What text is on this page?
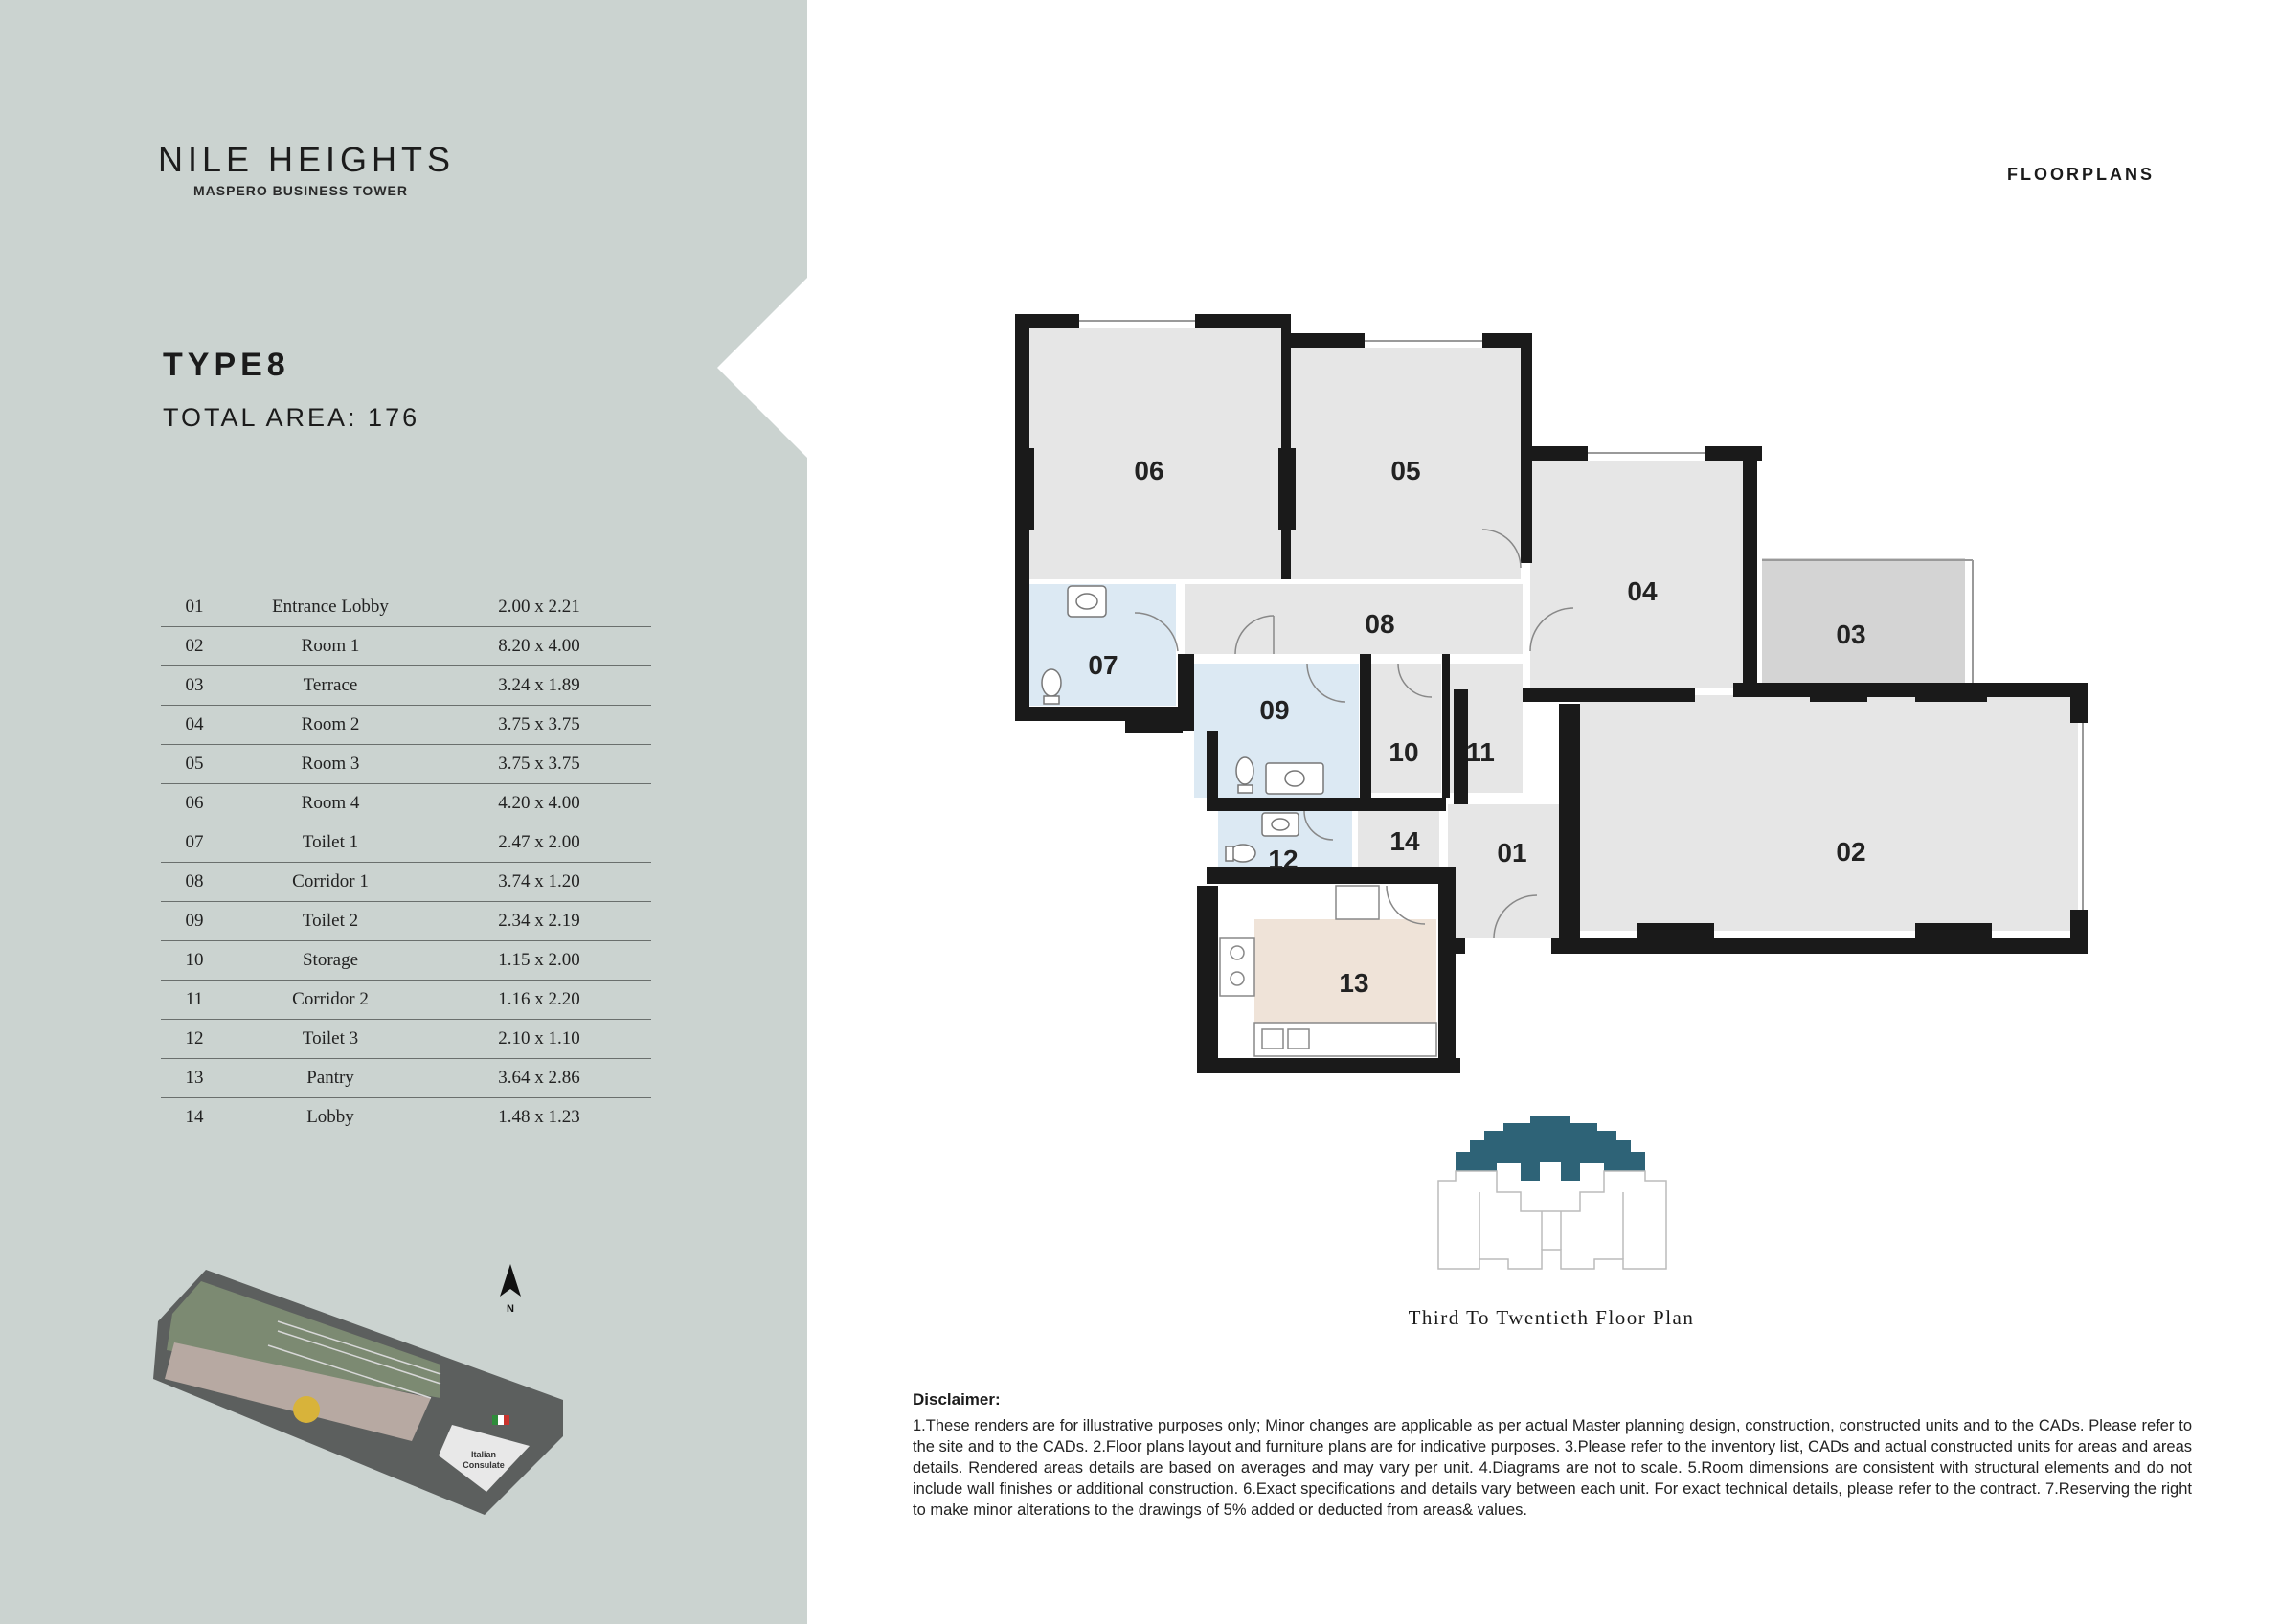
NILE HEIGHTS
MASPERO BUSINESS TOWER
TYPE8
TOTAL AREA: 176
01	Entrance Lobby	2.00 x 2.21
02	Room 1	8.20 x 4.00
03	Terrace	3.24 x 1.89
04	Room 2	3.75 x 3.75
05	Room 3	3.75 x 3.75
06	Room 4	4.20 x 4.00
07	Toilet 1	2.47 x 2.00
08	Corridor 1	3.74 x 1.20
09	Toilet 2	2.34 x 2.19
10	Storage	1.15 x 2.00
11	Corridor 2	1.16 x 2.20
12	Toilet 3	2.10 x 1.10
13	Pantry	3.64 x 2.86
14	Lobby	1.48 x 1.23
Italian
Consulate
N
FLOORPLANS
06	05
04
03
08
07
09
10 11
02
01
14
12
13
Third To Twentieth Floor Plan
Disclaimer:
1.These renders are for illustrative purposes only; Minor changes are applicable as per actual Master planning design, construction, constructed units and to the CADs. Please refer to the site and to the CADs. 2.Floor plans layout and furniture plans are for indicative purposes. 3.Please refer to the inventory list, CADs and actual constructed units for areas and areas details. Rendered areas details are based on averages and may vary per unit. 4.Diagrams are not to scale. 5.Room dimensions are consistent with structural elements and do not include wall finishes or additional construction. 6.Exact specifications and details vary between each unit. For exact technical details, please refer to the contract. 7.Reserving the right to make minor alterations to the drawings of 5% added or deducted from areas& values.
